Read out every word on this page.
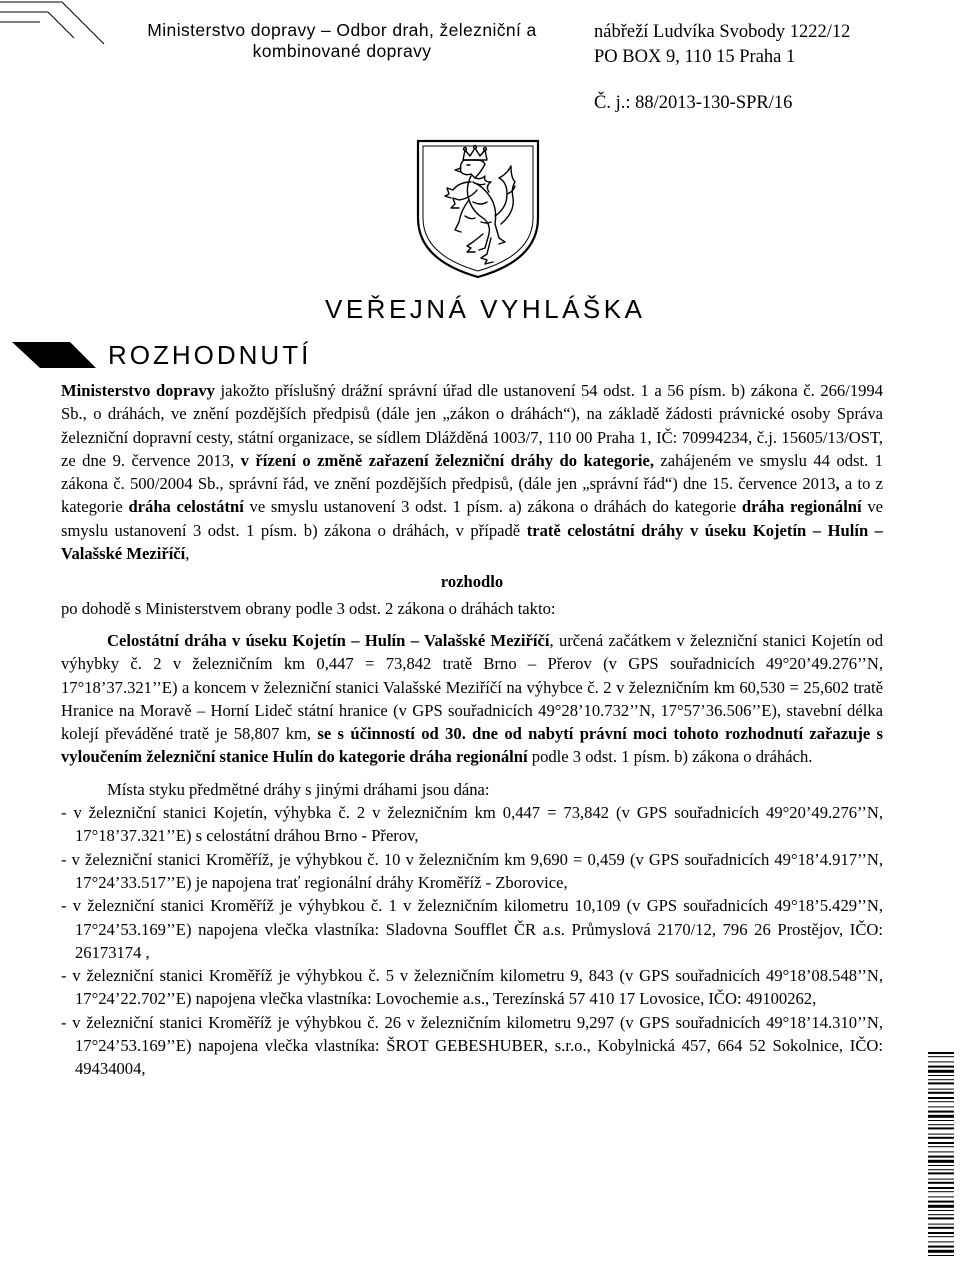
Ministerstvo dopravy – Odbor drah, železniční a
kombinované dopravy
nábřeží Ludvíka Svobody 1222/12
PO BOX 9, 110 15 Praha 1
Č. j.: 88/2013-130-SPR/16
VEŘEJNÁ VYHLÁŠKA
ROZHODNUTÍ

Ministerstvo dopravy jakožto příslušný drážní správní úřad dle ustanovení 54 odst. 1 a 56 písm. b) zákona č. 266/1994 Sb., o dráhách, ve znění pozdějších předpisů (dále jen „zákon o dráhách“), na základě žádosti právnické osoby Správa železniční dopravní cesty, státní organizace, se sídlem Dlážděná 1003/7, 110 00 Praha 1, IČ: 70994234, č.j. 15605/13/OST, ze dne 9. července 2013, v řízení o změně zařazení železniční dráhy do kategorie, zahájeném ve smyslu 44 odst. 1 zákona č. 500/2004 Sb., správní řád, ve znění pozdějších předpisů, (dále jen „správní řád“) dne 15. července 2013, a to z kategorie dráha celostátní ve smyslu ustanovení 3 odst. 1 písm. a) zákona o dráhách do kategorie dráha regionální ve smyslu ustanovení 3 odst. 1 písm. b) zákona o dráhách, v případě tratě celostátní dráhy v úseku Kojetín – Hulín – Valašské Meziříčí,

rozhodlo

po dohodě s Ministerstvem obrany podle 3 odst. 2 zákona o dráhách takto:

Celostátní dráha v úseku Kojetín – Hulín – Valašské Meziříčí, určená začátkem v železniční stanici Kojetín od výhybky č. 2 v železničním km 0,447 = 73,842 tratě Brno – Přerov (v GPS souřadnicích 49°20’49.276’’N, 17°18’37.321’’E) a koncem v železniční stanici Valašské Meziříčí na výhybce č. 2 v železničním km 60,530 = 25,602 tratě Hranice na Moravě – Horní Lideč státní hranice (v GPS souřadnicích 49°28’10.732’’N, 17°57’36.506’’E), stavební délka kolejí převáděné tratě je 58,807 km, se s účinností od 30. dne od nabytí právní moci tohoto rozhodnutí zařazuje s vyloučením železniční stanice Hulín do kategorie dráha regionální podle 3 odst. 1 písm. b) zákona o dráhách.

Místa styku předmětné dráhy s jinými dráhami jsou dána:

- v železniční stanici Kojetín, výhybka č. 2 v železničním km 0,447 = 73,842 (v GPS souřadnicích 49°20’49.276’’N, 17°18’37.321’’E) s celostátní dráhou Brno - Přerov,

- v železniční stanici Kroměříž, je výhybkou č. 10 v železničním km 9,690 = 0,459 (v GPS souřadnicích 49°18’4.917’’N, 17°24’33.517’’E) je napojena trať regionální dráhy Kroměříž - Zborovice,

- v železniční stanici Kroměříž je výhybkou č. 1 v železničním kilometru 10,109 (v GPS souřadnicích 49°18’5.429’’N, 17°24’53.169’’E) napojena vlečka vlastníka: Sladovna Soufflet ČR a.s. Průmyslová 2170/12, 796 26 Prostějov, IČO: 26173174 ,

- v železniční stanici Kroměříž je výhybkou č. 5 v železničním kilometru 9, 843 (v GPS souřadnicích 49°18’08.548’’N, 17°24’22.702’’E) napojena vlečka vlastníka: Lovochemie a.s., Terezínská 57 410 17 Lovosice, IČO: 49100262,

- v železniční stanici Kroměříž je výhybkou č. 26 v železničním kilometru 9,297 (v GPS souřadnicích 49°18’14.310’’N, 17°24’53.169’’E) napojena vlečka vlastníka: ŠROT GEBESHUBER, s.r.o., Kobylnická 457, 664 52 Sokolnice, IČO: 49434004,
